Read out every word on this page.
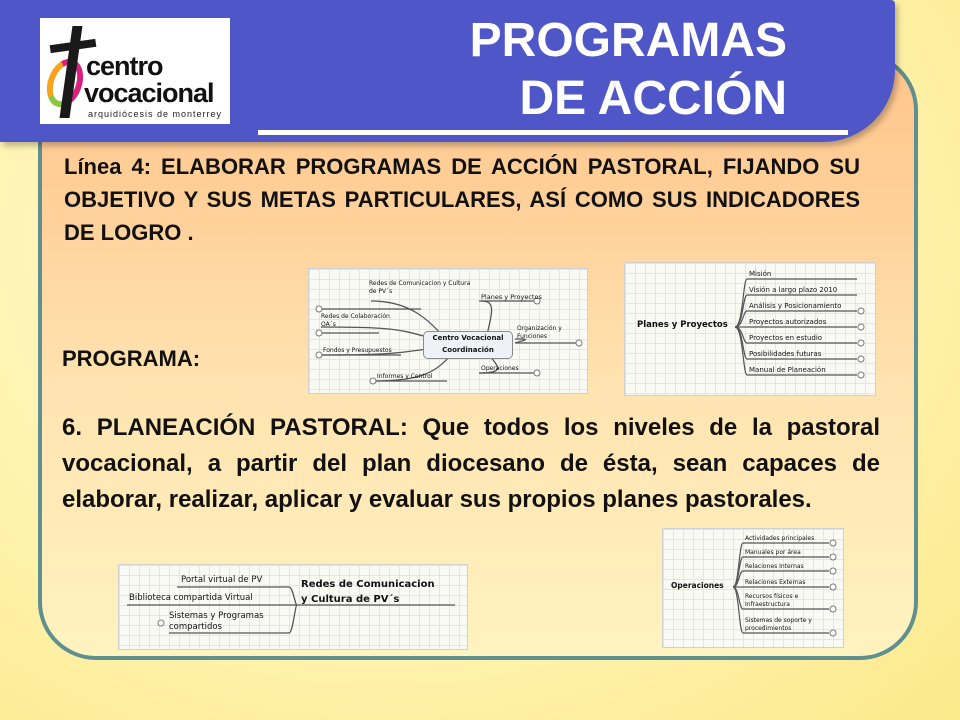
PROGRAMAS
DE ACCIÓN
centro
vocacional
arquidiócesis de monterrey
Línea 4: ELABORAR PROGRAMAS DE ACCIÓN PASTORAL, FIJANDO SU OBJETIVO Y SUS METAS PARTICULARES, ASÍ COMO SUS INDICADORES DE LOGRO .
PROGRAMA:
6. PLANEACIÓN PASTORAL: Que todos los niveles de la pastoral vocacional, a partir del plan diocesano de ésta, sean capaces de elaborar, realizar, aplicar y evaluar sus propios planes pastorales.
Centro Vocacional
Coordinación
Redes de Comunicacion y Cultura de PV´s
Planes y Proyectos
Redes de Colaboración OA´s
Organización y Funciones
Fondos y Presupuestos
Operaciones
Informes y Control
Planes y Proyectos
Misión
Visión a largo plazo 2010
Análisis y Posicionamiento
Proyectos autorizados
Proyectos en estudio
Posibilidades futuras
Manual de Planeación
Redes de Comunicacion
y Cultura de PV´s
Portal virtual de PV
Biblioteca compartida Virtual
Sistemas y Programas compartidos
Operaciones
Actividades principales
Manuales por área
Relaciones Internas
Relaciones Externas
Recursos físicos e Infraestructura
Sistemas de soporte y procedimientos
